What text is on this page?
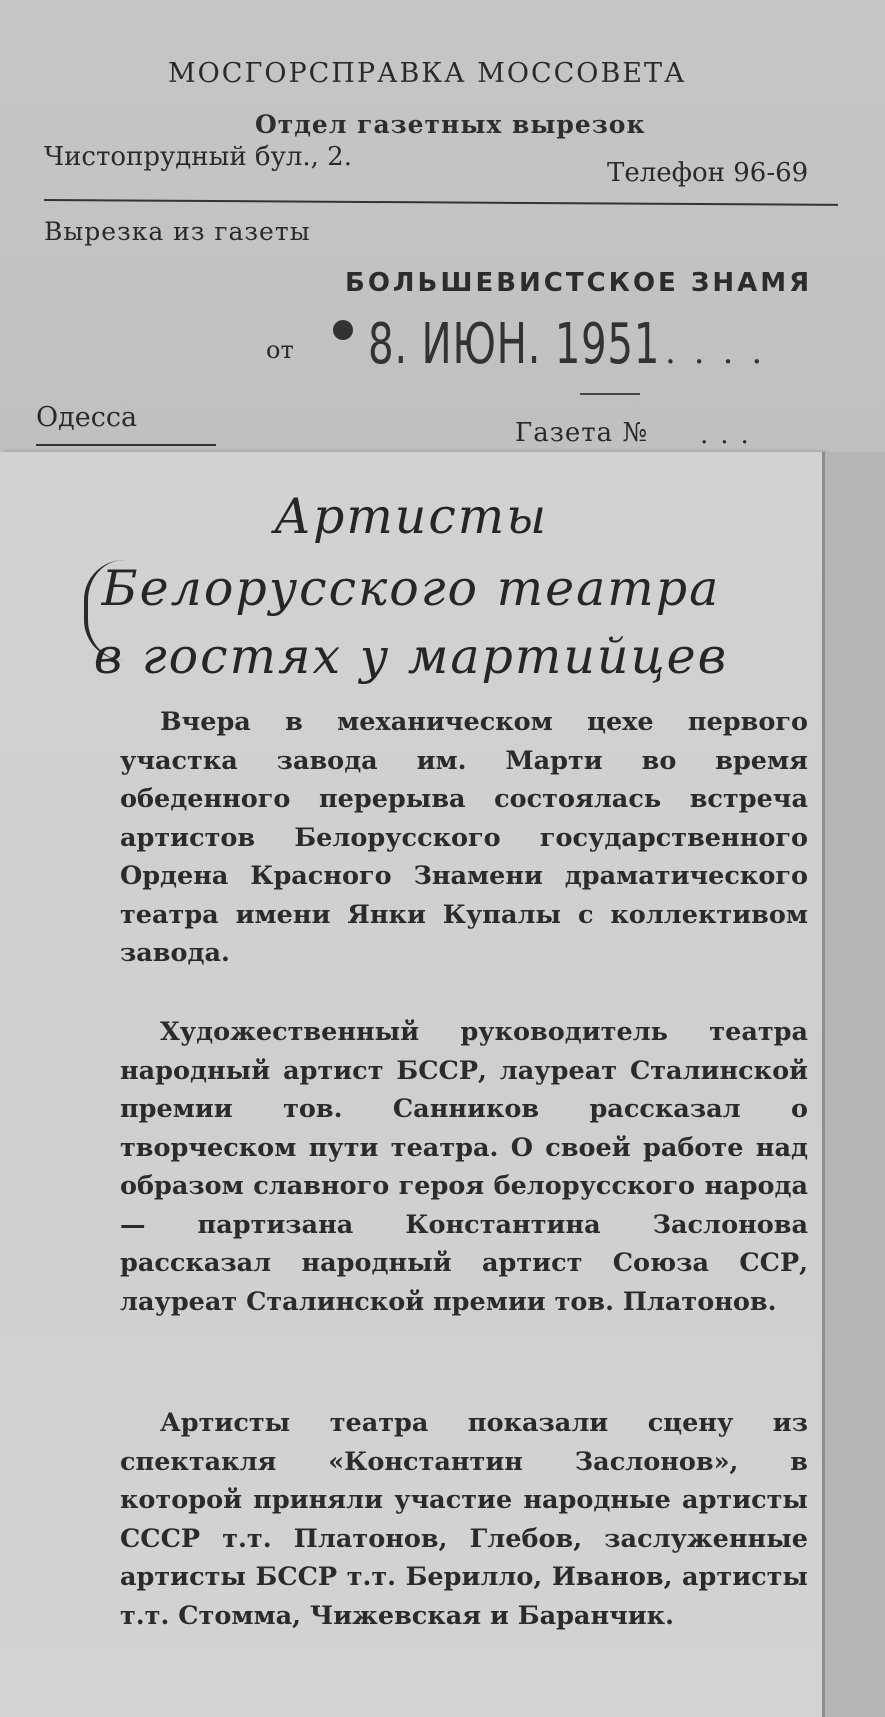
МОСГОРСПРАВКА МОССОВЕТА
Отдел газетных вырезок
Чистопрудный бул., 2.
Телефон 96-69
Вырезка из газеты
БОЛЬШЕВИСТСКОЕ ЗНАМЯ
от 8. ИЮН. 1951 ....
Одесса	Газета № ...
Артисты
Белорусского театра
в гостях у мартийцев

Вчера в механическом цехе первого участка завода им. Марти во время обеденного перерыва состоялась встреча артистов Белорусского государственного Ордена Красного Знамени драматического театра имени Янки Купалы с коллективом завода.

Художественный руководитель театра народный артист БССР, лауреат Сталинской премии тов. Санников рассказал о творческом пути театра. О своей работе над образом славного героя белорусского народа — партизана Константина Заслонова рассказал народный артист Союза ССР, лауреат Сталинской премии тов. Платонов.

Артисты театра показали сцену из спектакля «Константин Заслонов», в которой приняли участие народные артисты СССР т.т. Платонов, Глебов, заслуженные артисты БССР т.т. Берилло, Иванов, артисты т.т. Стомма, Чижевская и Баранчик.
